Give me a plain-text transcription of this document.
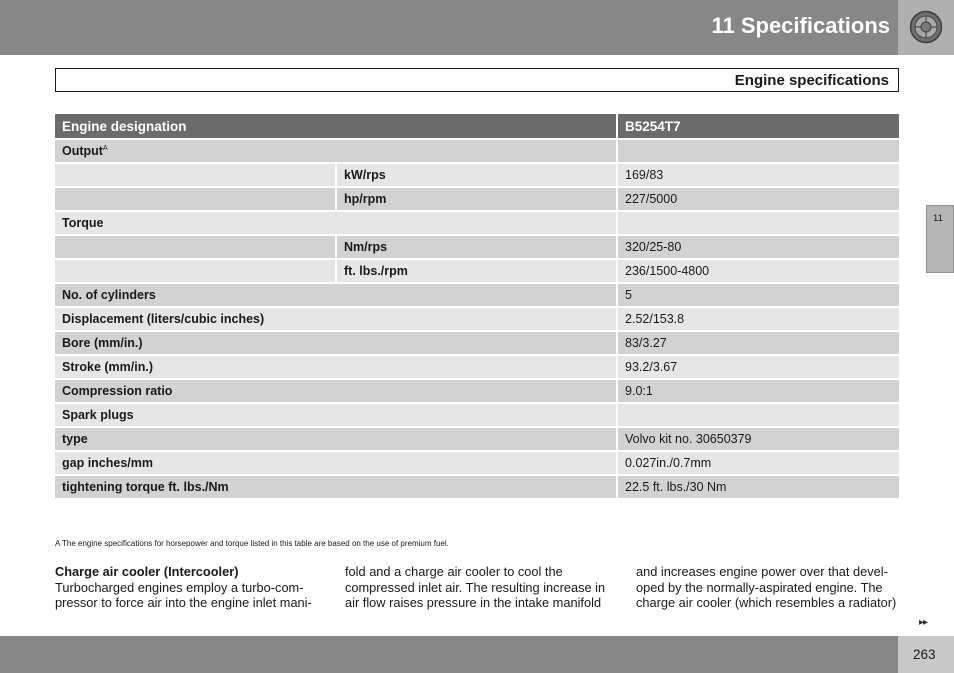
11 Specifications
Engine specifications
Engine designation		B5254T7
Output$^A$	
	kW/rps	169/83
	hp/rpm	227/5000
Torque		
	Nm/rps	320/25-80
	ft. lbs./rpm	236/1500-4800
No. of cylinders		5
Displacement (liters/cubic inches)		2.52/153.8
Bore (mm/in.)		83/3.27
Stroke (mm/in.)		93.2/3.67
Compression ratio		9.0:1
Spark plugs		
type		Volvo kit no. 30650379
gap inches/mm		0.027in./0.7mm
tightening torque ft. lbs./Nm		22.5 ft. lbs./30 Nm
A The engine specifications for horsepower and torque listed in this table are based on the use of premium fuel.
Charge air cooler (Intercooler)
Turbocharged engines employ a turbo-com-pressor to force air into the engine inlet mani-
fold and a charge air cooler to cool the compressed inlet air. The resulting increase in air flow raises pressure in the intake manifold
and increases engine power over that devel-oped by the normally-aspirated engine. The charge air cooler (which resembles a radiator)
11
▸▸
263
